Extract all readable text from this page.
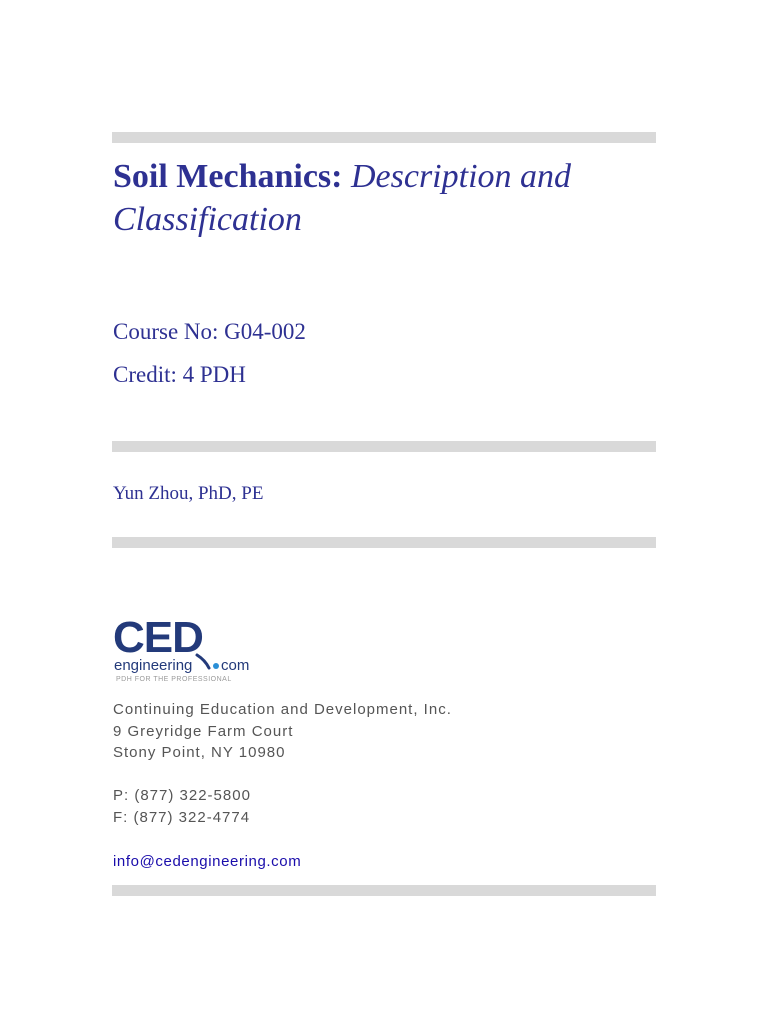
Soil Mechanics: Description and Classification
Course No: G04-002
Credit: 4 PDH
Yun Zhou, PhD, PE
CED
engineering com
PDH FOR THE PROFESSIONAL
Continuing Education and Development, Inc.
9 Greyridge Farm Court
Stony Point, NY 10980
P: (877) 322-5800
F: (877) 322-4774
info@cedengineering.com
